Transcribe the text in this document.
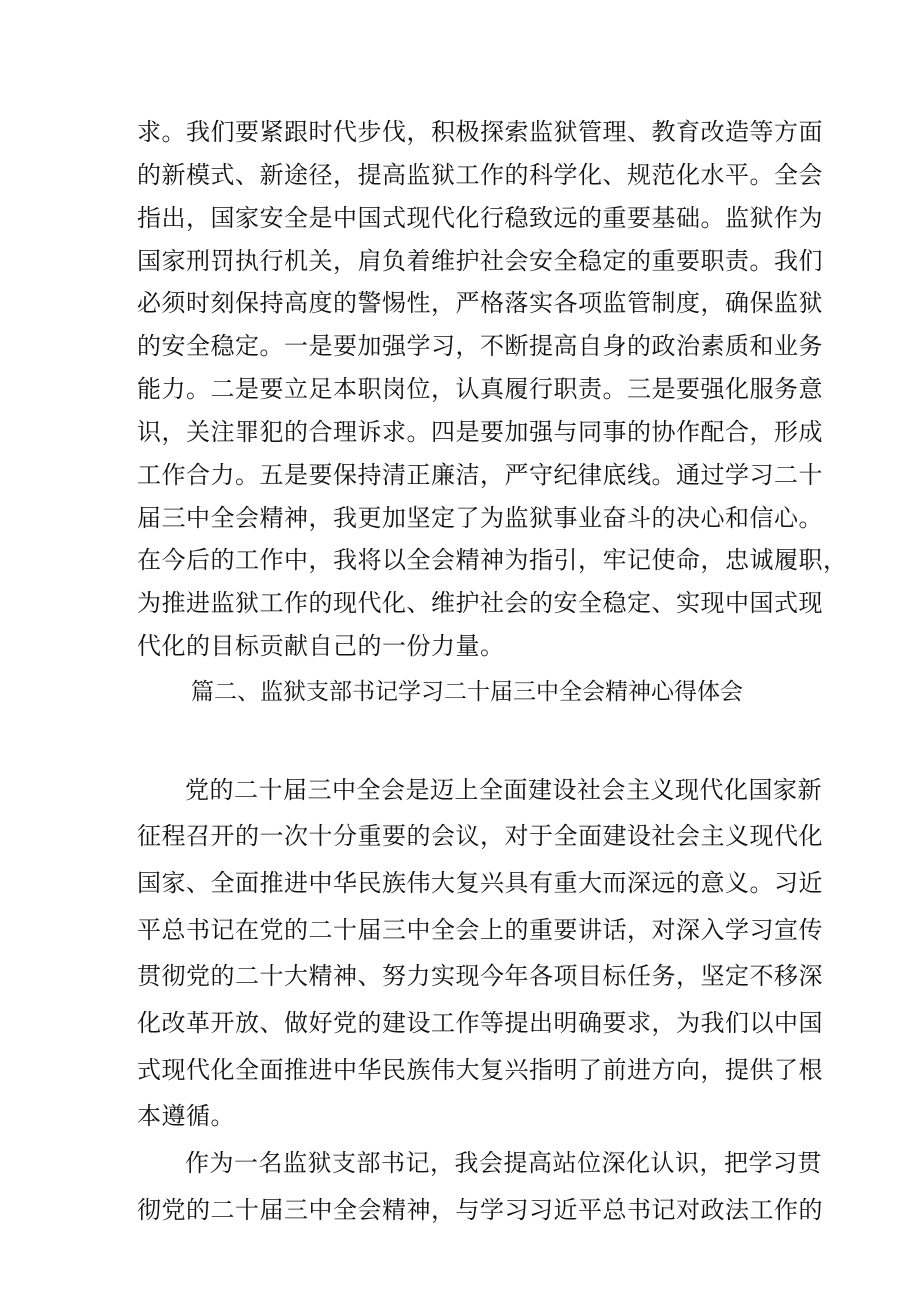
求。我们要紧跟时代步伐，积极探索监狱管理、教育改造等方面
的新模式、新途径，提高监狱工作的科学化、规范化水平。全会
指出，国家安全是中国式现代化行稳致远的重要基础。监狱作为
国家刑罚执行机关，肩负着维护社会安全稳定的重要职责。我们
必须时刻保持高度的警惕性，严格落实各项监管制度，确保监狱
的安全稳定。一是要加强学习，不断提高自身的政治素质和业务
能力。二是要立足本职岗位，认真履行职责。三是要强化服务意
识，关注罪犯的合理诉求。四是要加强与同事的协作配合，形成
工作合力。五是要保持清正廉洁，严守纪律底线。通过学习二十
届三中全会精神，我更加坚定了为监狱事业奋斗的决心和信心。
在今后的工作中，我将以全会精神为指引，牢记使命，忠诚履职，
为推进监狱工作的现代化、维护社会的安全稳定、实现中国式现
代化的目标贡献自己的一份力量。
篇二、监狱支部书记学习二十届三中全会精神心得体会
党的二十届三中全会是迈上全面建设社会主义现代化国家新
征程召开的一次十分重要的会议，对于全面建设社会主义现代化
国家、全面推进中华民族伟大复兴具有重大而深远的意义。习近
平总书记在党的二十届三中全会上的重要讲话，对深入学习宣传
贯彻党的二十大精神、努力实现今年各项目标任务，坚定不移深
化改革开放、做好党的建设工作等提出明确要求，为我们以中国
式现代化全面推进中华民族伟大复兴指明了前进方向，提供了根
本遵循。
作为一名监狱支部书记，我会提高站位深化认识，把学习贯
彻党的二十届三中全会精神，与学习习近平总书记对政法工作的
